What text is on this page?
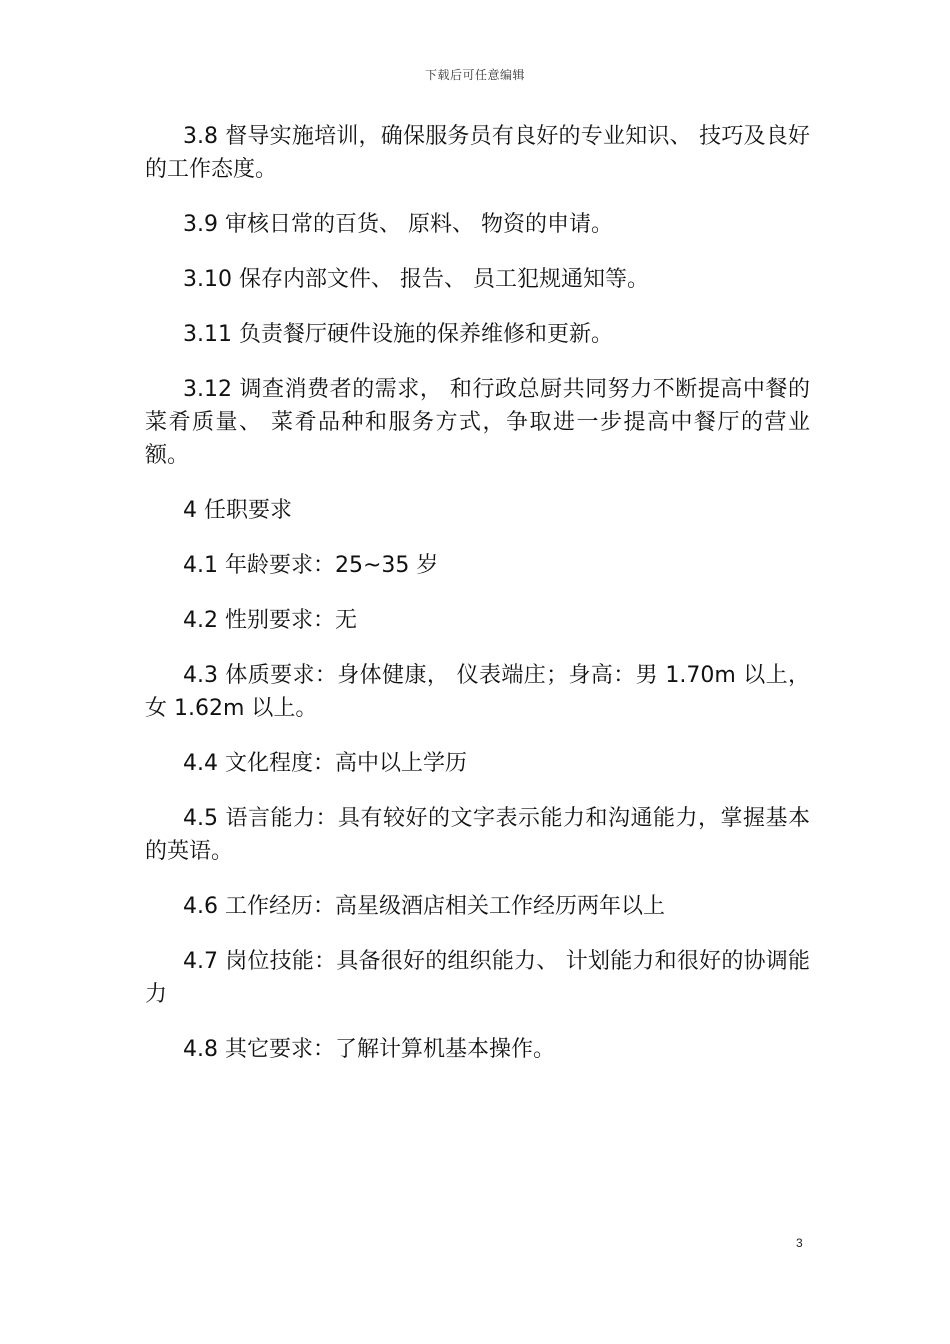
下载后可任意编辑

3.8 督导实施培训，确保服务员有良好的专业知识、 技巧及良好的工作态度。

3.9 审核日常的百货、 原料、 物资的申请。

3.10 保存内部文件、 报告、 员工犯规通知等。

3.11 负责餐厅硬件设施的保养维修和更新。

3.12 调查消费者的需求， 和行政总厨共同努力不断提高中餐的菜肴质量、 菜肴品种和服务方式，争取进一步提高中餐厅的营业额。

4 任职要求

4.1 年龄要求：25~35 岁

4.2 性别要求：无

4.3 体质要求：身体健康， 仪表端庄；身高：男 1.70m 以上，女 1.62m 以上。

4.4 文化程度：高中以上学历

4.5 语言能力：具有较好的文字表示能力和沟通能力，掌握基本的英语。

4.6 工作经历：高星级酒店相关工作经历两年以上

4.7 岗位技能：具备很好的组织能力、 计划能力和很好的协调能力

4.8 其它要求：了解计算机基本操作。

3
